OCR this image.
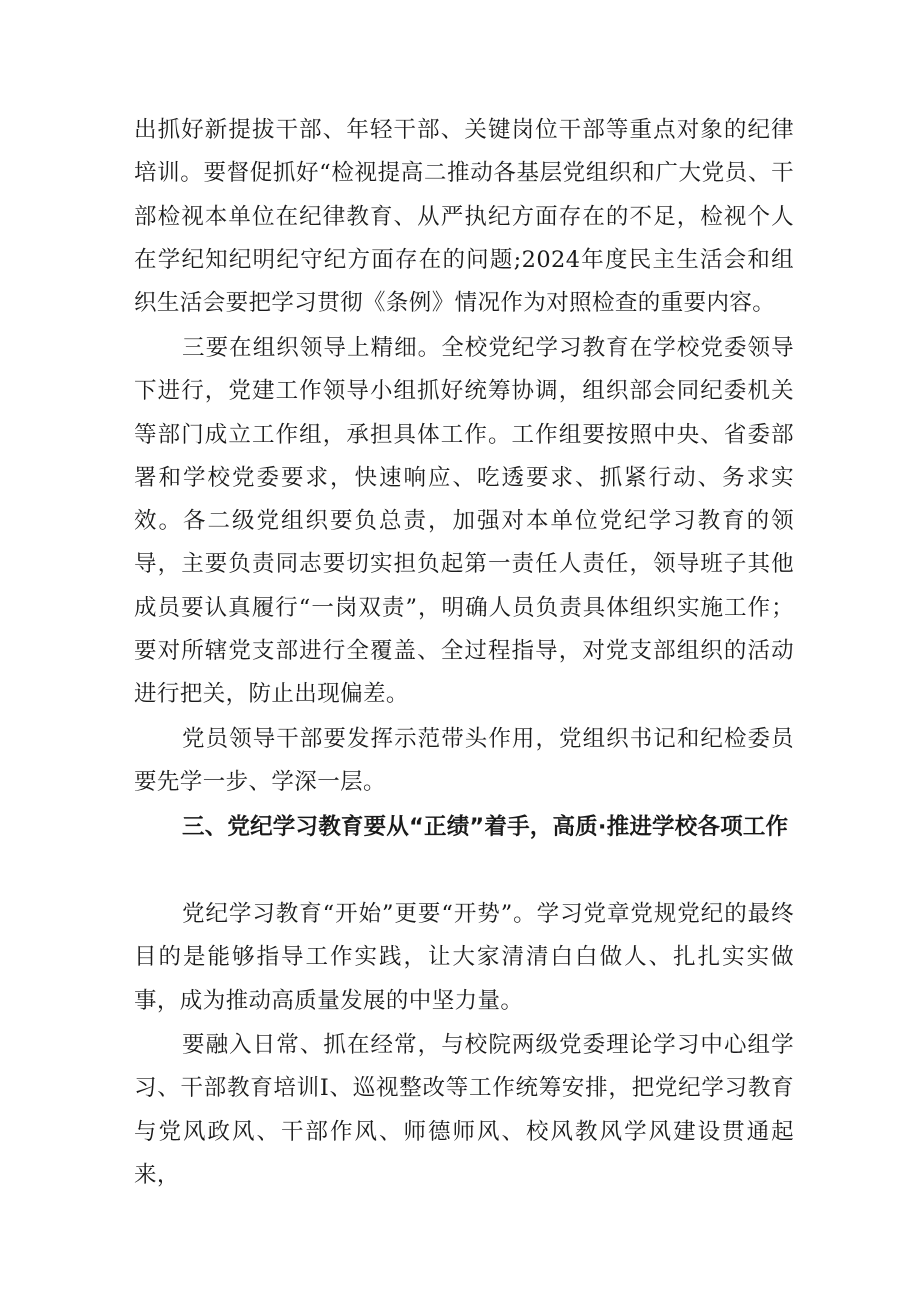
出抓好新提拔干部、年轻干部、关键岗位干部等重点对象的纪律培训。要督促抓好“检视提高二推动各基层党组织和广大党员、干部检视本单位在纪律教育、从严执纪方面存在的不足，检视个人在学纪知纪明纪守纪方面存在的问题;2024年度民主生活会和组织生活会要把学习贯彻《条例》情况作为对照检查的重要内容。

三要在组织领导上精细。全校党纪学习教育在学校党委领导下进行，党建工作领导小组抓好统筹协调，组织部会同纪委机关等部门成立工作组，承担具体工作。工作组要按照中央、省委部署和学校党委要求，快速响应、吃透要求、抓紧行动、务求实效。各二级党组织要负总责，加强对本单位党纪学习教育的领导，主要负责同志要切实担负起第一责任人责任，领导班子其他成员要认真履行“一岗双责”，明确人员负责具体组织实施工作；要对所辖党支部进行全覆盖、全过程指导，对党支部组织的活动进行把关，防止出现偏差。

党员领导干部要发挥示范带头作用，党组织书记和纪检委员要先学一步、学深一层。

三、党纪学习教育要从“正绩”着手，高质·推进学校各项工作

党纪学习教育“开始”更要“开势”。学习党章党规党纪的最终目的是能够指导工作实践，让大家清清白白做人、扎扎实实做事，成为推动高质量发展的中坚力量。

要融入日常、抓在经常，与校院两级党委理论学习中心组学习、干部教育培训I、巡视整改等工作统筹安排，把党纪学习教育与党风政风、干部作风、师德师风、校风教风学风建设贯通起来，
